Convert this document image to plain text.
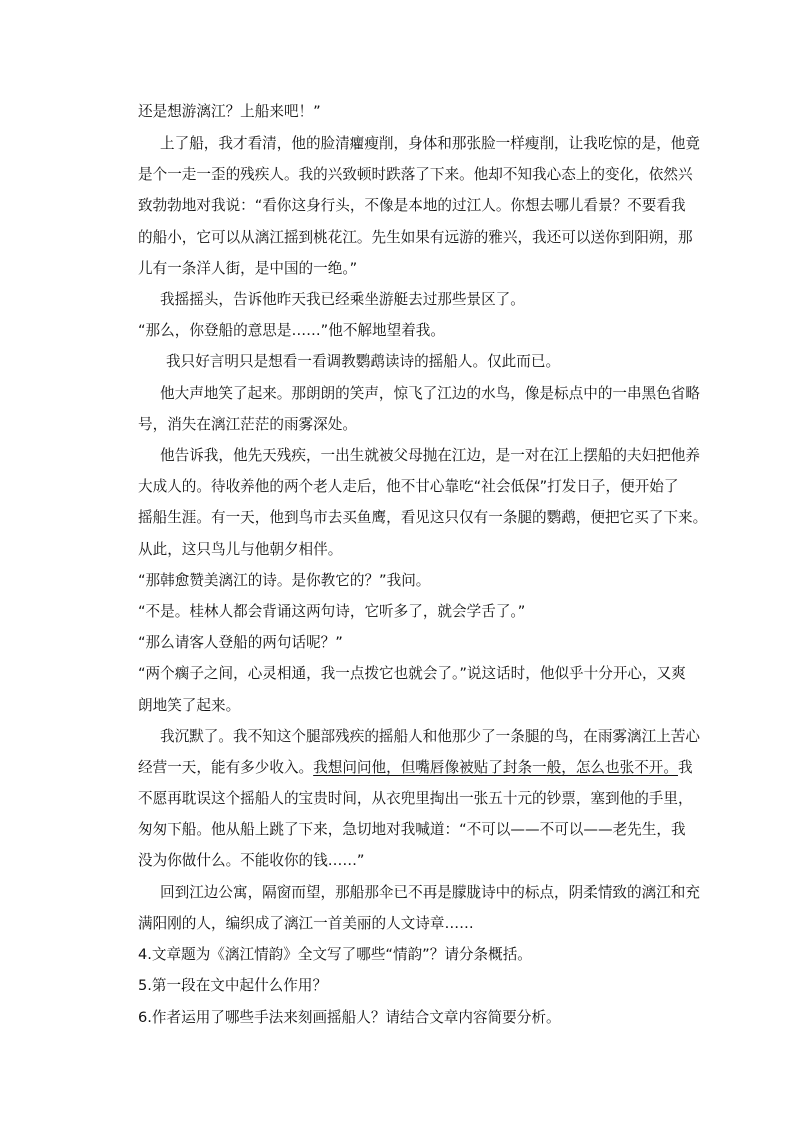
还是想游漓江？上船来吧！”
上了船，我才看清，他的脸清癯瘦削，身体和那张脸一样瘦削，让我吃惊的是，他竟
是个一走一歪的残疾人。我的兴致顿时跌落了下来。他却不知我心态上的变化，依然兴
致勃勃地对我说：“看你这身行头，不像是本地的过江人。你想去哪儿看景？不要看我
的船小，它可以从漓江摇到桃花江。先生如果有远游的雅兴，我还可以送你到阳朔，那
儿有一条洋人街，是中国的一绝。”
我摇摇头，告诉他昨天我已经乘坐游艇去过那些景区了。
“那么，你登船的意思是……”他不解地望着我。
我只好言明只是想看一看调教鹦鹉读诗的摇船人。仅此而已。
他大声地笑了起来。那朗朗的笑声，惊飞了江边的水鸟，像是标点中的一串黑色省略
号，消失在漓江茫茫的雨雾深处。
他告诉我，他先天残疾，一出生就被父母抛在江边，是一对在江上摆船的夫妇把他养
大成人的。待收养他的两个老人走后，他不甘心靠吃“社会低保”打发日子，便开始了
摇船生涯。有一天，他到鸟市去买鱼鹰，看见这只仅有一条腿的鹦鹉，便把它买了下来。
从此，这只鸟儿与他朝夕相伴。
“那韩愈赞美漓江的诗。是你教它的？”我问。
“不是。桂林人都会背诵这两句诗，它听多了，就会学舌了。”
“那么请客人登船的两句话呢？”
“两个瘸子之间，心灵相通，我一点拨它也就会了。”说这话时，他似乎十分开心，又爽
朗地笑了起来。
我沉默了。我不知这个腿部残疾的摇船人和他那少了一条腿的鸟，在雨雾漓江上苦心
经营一天，能有多少收入。我想问问他，但嘴唇像被贴了封条一般，怎么也张不开。我
不愿再耽误这个摇船人的宝贵时间，从衣兜里掏出一张五十元的钞票，塞到他的手里，
匆匆下船。他从船上跳了下来，急切地对我喊道：“不可以——不可以——老先生，我
没为你做什么。不能收你的钱……”
回到江边公寓，隔窗而望，那船那伞已不再是朦胧诗中的标点，阴柔情致的漓江和充
满阳刚的人，编织成了漓江一首美丽的人文诗章……
4.文章题为《漓江情韵》全文写了哪些“情韵”？请分条概括。
5.第一段在文中起什么作用？
6.作者运用了哪些手法来刻画摇船人？请结合文章内容简要分析。
